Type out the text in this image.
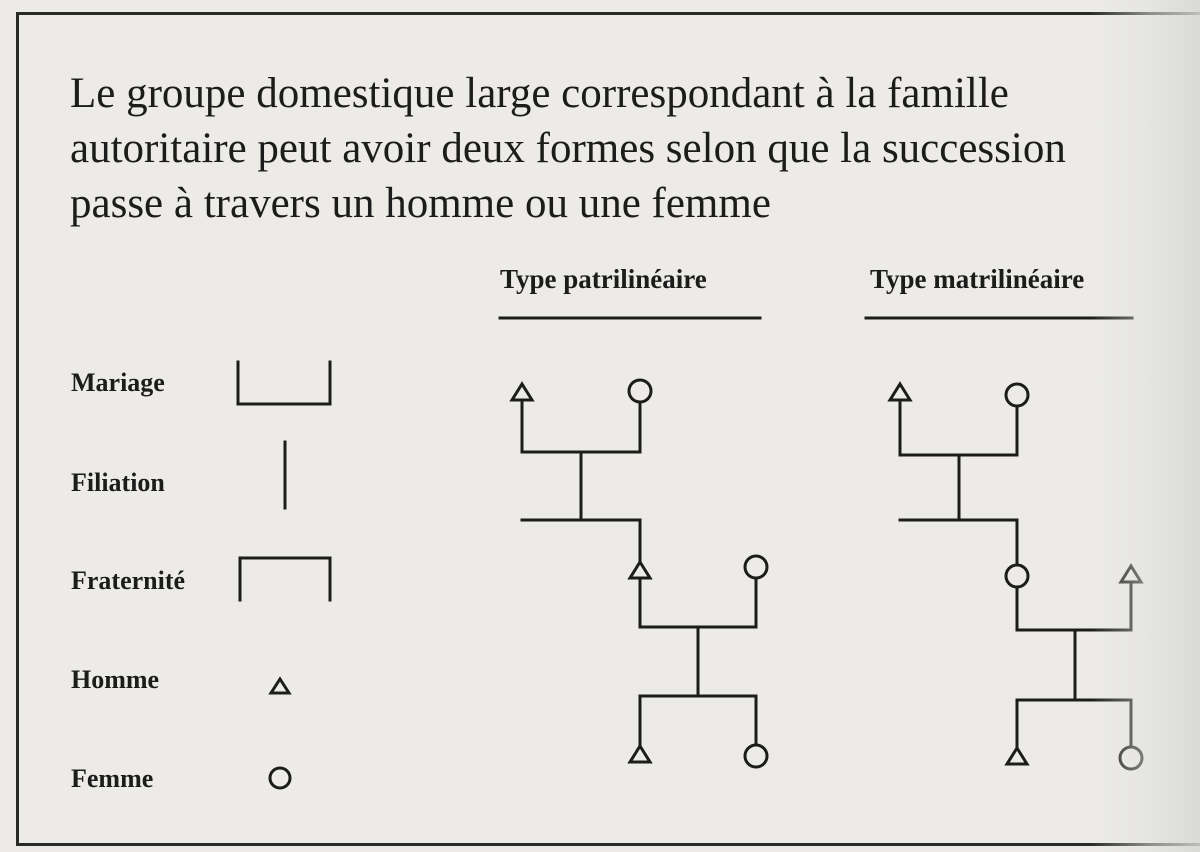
Le groupe domestique large correspondant à la famille
autoritaire peut avoir deux formes selon que la succession
passe à travers un homme ou une femme

Type patrilinéaire	Type matrilinéaire
Mariage
Filiation
Fraternité
Homme
Femme
